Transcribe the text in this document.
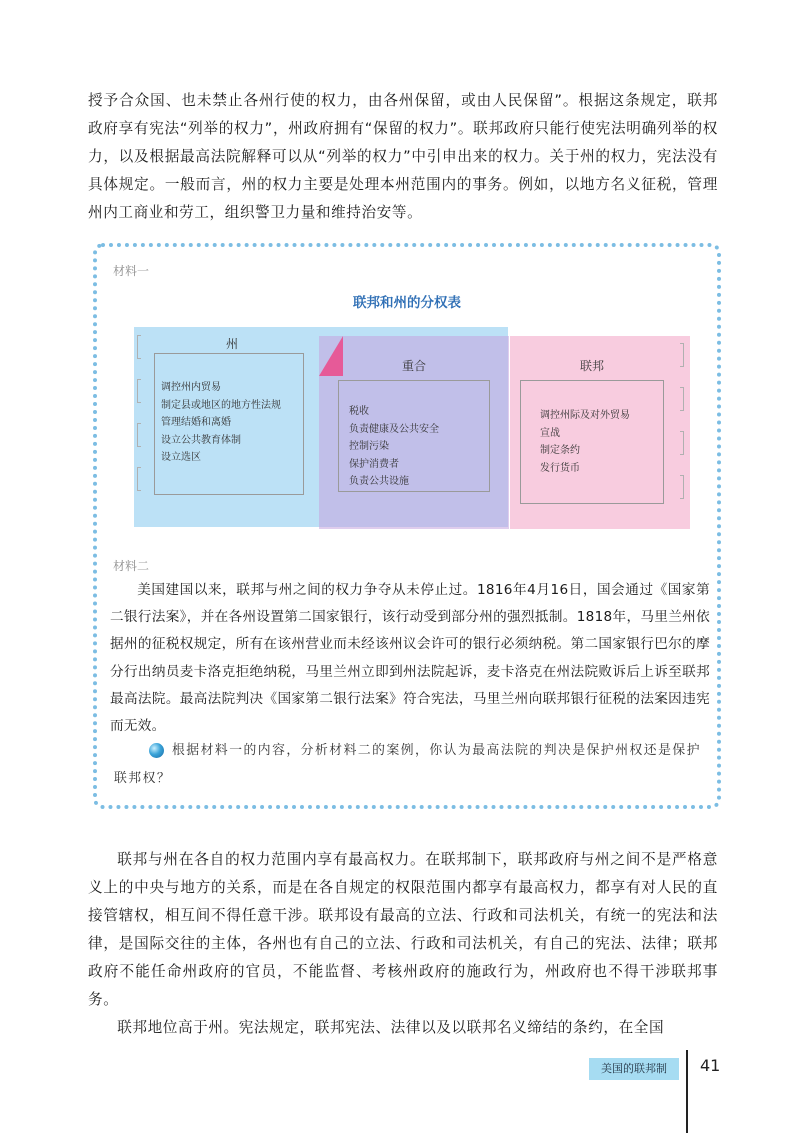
授予合众国、也未禁止各州行使的权力，由各州保留，或由人民保留”。根据这条规定，联邦政府享有宪法“列举的权力”，州政府拥有“保留的权力”。联邦政府只能行使宪法明确列举的权力，以及根据最高法院解释可以从“列举的权力”中引申出来的权力。关于州的权力，宪法没有具体规定。一般而言，州的权力主要是处理本州范围内的事务。例如，以地方名义征税，管理州内工商业和劳工，组织警卫力量和维持治安等。

材料一
联邦和州的分权表
州
调控州内贸易
制定县或地区的地方性法规
管理结婚和离婚
设立公共教育体制
设立选区
重合
税收
负责健康及公共安全
控制污染
保护消费者
负责公共设施
联邦
调控州际及对外贸易
宣战
制定条约
发行货币
材料二

美国建国以来，联邦与州之间的权力争夺从未停止过。1816年4月16日，国会通过《国家第二银行法案》，并在各州设置第二国家银行，该行动受到部分州的强烈抵制。1818年，马里兰州依据州的征税权规定，所有在该州营业而未经该州议会许可的银行必须纳税。第二国家银行巴尔的摩分行出纳员麦卡洛克拒绝纳税，马里兰州立即到州法院起诉，麦卡洛克在州法院败诉后上诉至联邦最高法院。最高法院判决《国家第二银行法案》符合宪法，马里兰州向联邦银行征税的法案因违宪而无效。

根据材料一的内容，分析材料二的案例，你认为最高法院的判决是保护州权还是保护联邦权？

联邦与州在各自的权力范围内享有最高权力。在联邦制下，联邦政府与州之间不是严格意义上的中央与地方的关系，而是在各自规定的权限范围内都享有最高权力，都享有对人民的直接管辖权，相互间不得任意干涉。联邦设有最高的立法、行政和司法机关，有统一的宪法和法律，是国际交往的主体，各州也有自己的立法、行政和司法机关，有自己的宪法、法律；联邦政府不能任命州政府的官员，不能监督、考核州政府的施政行为，州政府也不得干涉联邦事务。

联邦地位高于州。宪法规定，联邦宪法、法律以及以联邦名义缔结的条约，在全国

美国的联邦制	41
